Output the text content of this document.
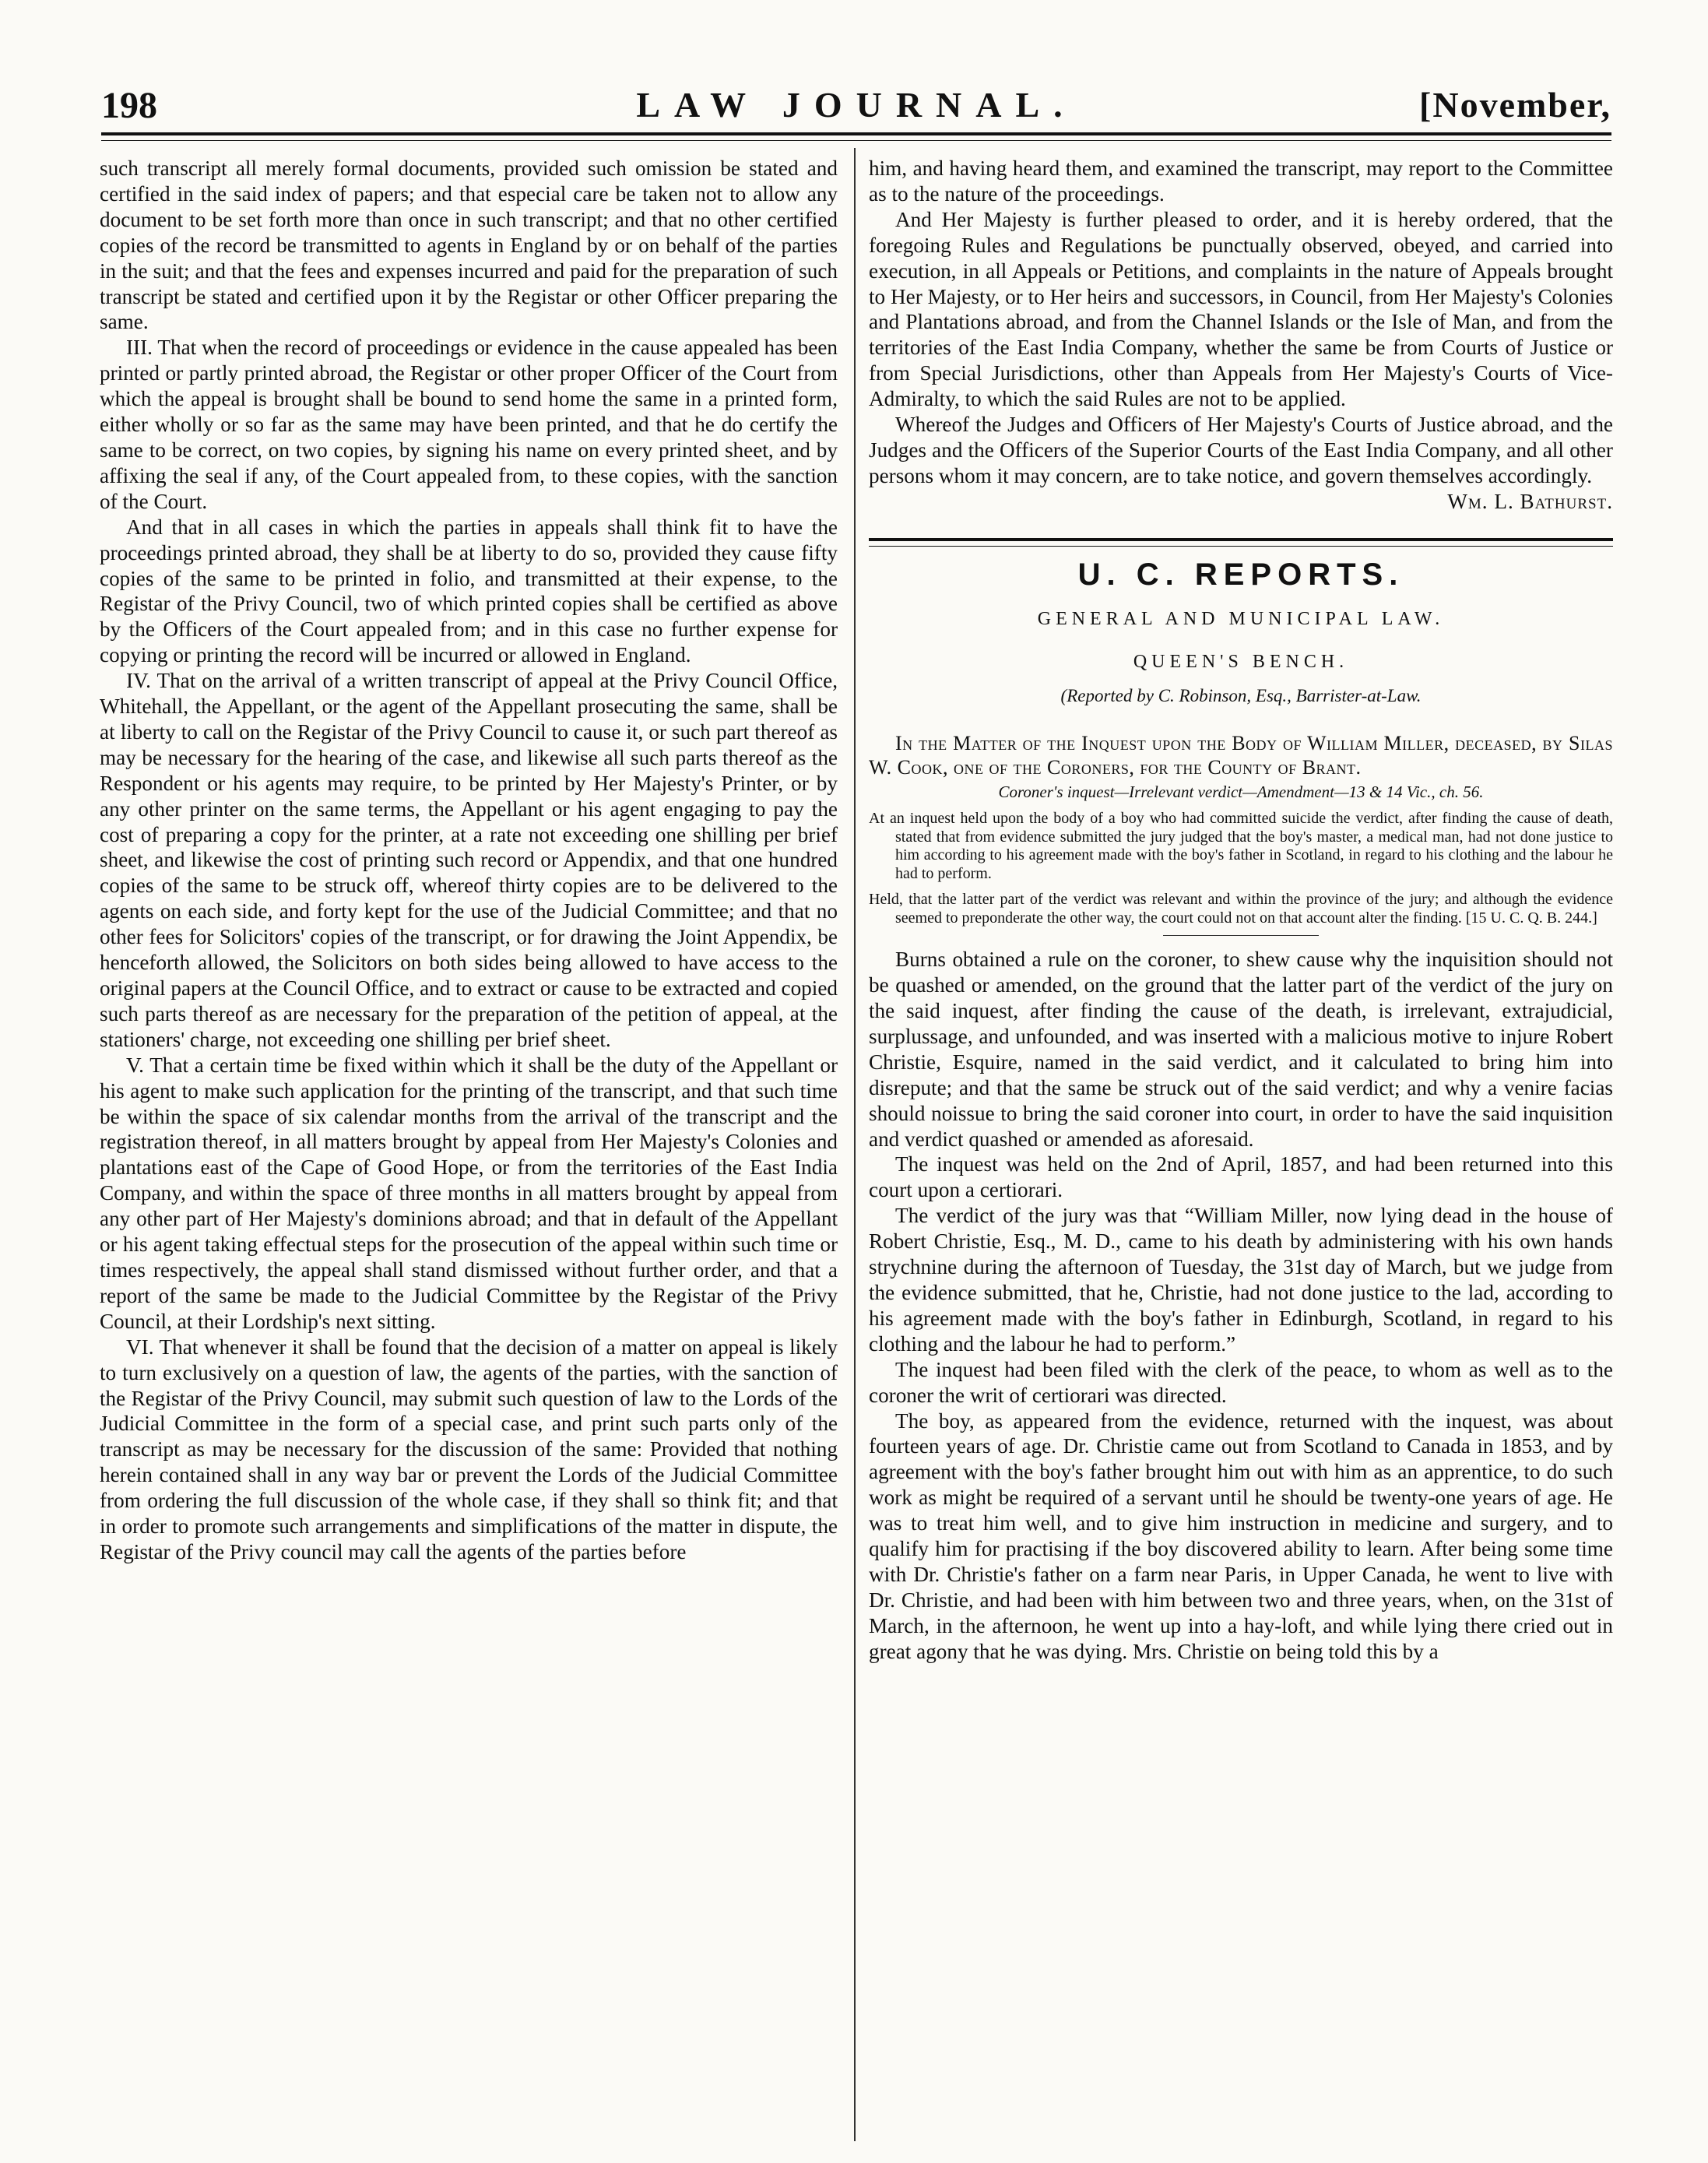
198	LAW JOURNAL.	[November,

such transcript all merely formal documents, provided such omission be stated and certified in the said index of papers; and that especial care be taken not to allow any document to be set forth more than once in such transcript; and that no other certified copies of the record be transmitted to agents in England by or on behalf of the parties in the suit; and that the fees and expenses incurred and paid for the preparation of such transcript be stated and certified upon it by the Registar or other Officer preparing the same.

III. That when the record of proceedings or evidence in the cause appealed has been printed or partly printed abroad, the Registar or other proper Officer of the Court from which the appeal is brought shall be bound to send home the same in a printed form, either wholly or so far as the same may have been printed, and that he do certify the same to be correct, on two copies, by signing his name on every printed sheet, and by affixing the seal if any, of the Court appealed from, to these copies, with the sanction of the Court.

And that in all cases in which the parties in appeals shall think fit to have the proceedings printed abroad, they shall be at liberty to do so, provided they cause fifty copies of the same to be printed in folio, and transmitted at their expense, to the Registar of the Privy Council, two of which printed copies shall be certified as above by the Officers of the Court appealed from; and in this case no further expense for copying or printing the record will be incurred or allowed in England.

IV. That on the arrival of a written transcript of appeal at the Privy Council Office, Whitehall, the Appellant, or the agent of the Appellant prosecuting the same, shall be at liberty to call on the Registar of the Privy Council to cause it, or such part thereof as may be necessary for the hearing of the case, and likewise all such parts thereof as the Respondent or his agents may require, to be printed by Her Majesty's Printer, or by any other printer on the same terms, the Appellant or his agent engaging to pay the cost of preparing a copy for the printer, at a rate not exceeding one shilling per brief sheet, and likewise the cost of printing such record or Appendix, and that one hundred copies of the same to be struck off, whereof thirty copies are to be delivered to the agents on each side, and forty kept for the use of the Judicial Committee; and that no other fees for Solicitors' copies of the transcript, or for drawing the Joint Appendix, be henceforth allowed, the Solicitors on both sides being allowed to have access to the original papers at the Council Office, and to extract or cause to be extracted and copied such parts thereof as are necessary for the preparation of the petition of appeal, at the stationers' charge, not exceeding one shilling per brief sheet.

V. That a certain time be fixed within which it shall be the duty of the Appellant or his agent to make such application for the printing of the transcript, and that such time be within the space of six calendar months from the arrival of the transcript and the registration thereof, in all matters brought by appeal from Her Majesty's Colonies and plantations east of the Cape of Good Hope, or from the territories of the East India Company, and within the space of three months in all matters brought by appeal from any other part of Her Majesty's dominions abroad; and that in default of the Appellant or his agent taking effectual steps for the prosecution of the appeal within such time or times respectively, the appeal shall stand dismissed without further order, and that a report of the same be made to the Judicial Committee by the Registar of the Privy Council, at their Lordship's next sitting.

VI. That whenever it shall be found that the decision of a matter on appeal is likely to turn exclusively on a question of law, the agents of the parties, with the sanction of the Registar of the Privy Council, may submit such question of law to the Lords of the Judicial Committee in the form of a special case, and print such parts only of the transcript as may be necessary for the discussion of the same: Provided that nothing herein contained shall in any way bar or prevent the Lords of the Judicial Committee from ordering the full discussion of the whole case, if they shall so think fit; and that in order to promote such arrangements and simplifications of the matter in dispute, the Registar of the Privy council may call the agents of the parties before

him, and having heard them, and examined the transcript, may report to the Committee as to the nature of the proceedings.

And Her Majesty is further pleased to order, and it is hereby ordered, that the foregoing Rules and Regulations be punctually observed, obeyed, and carried into execution, in all Appeals or Petitions, and complaints in the nature of Appeals brought to Her Majesty, or to Her heirs and successors, in Council, from Her Majesty's Colonies and Plantations abroad, and from the Channel Islands or the Isle of Man, and from the territories of the East India Company, whether the same be from Courts of Justice or from Special Jurisdictions, other than Appeals from Her Majesty's Courts of Vice-Admiralty, to which the said Rules are not to be applied.

Whereof the Judges and Officers of Her Majesty's Courts of Justice abroad, and the Judges and the Officers of the Superior Courts of the East India Company, and all other persons whom it may concern, are to take notice, and govern themselves accordingly.

Wm. L. Bathurst.

U. C. REPORTS.
GENERAL AND MUNICIPAL LAW.
QUEEN'S BENCH.
(Reported by C. Robinson, Esq., Barrister-at-Law.

In the Matter of the Inquest upon the Body of William Miller, deceased, by Silas W. Cook, one of the Coroners, for the County of Brant.

Coroner's inquest—Irrelevant verdict—Amendment—13 & 14 Vic., ch. 56.
At an inquest held upon the body of a boy who had committed suicide the verdict, after finding the cause of death, stated that from evidence submitted the jury judged that the boy's master, a medical man, had not done justice to him according to his agreement made with the boy's father in Scotland, in regard to his clothing and the labour he had to perform.
Held, that the latter part of the verdict was relevant and within the province of the jury; and although the evidence seemed to preponderate the other way, the court could not on that account alter the finding. [15 U. C. Q. B. 244.]

Burns obtained a rule on the coroner, to shew cause why the inquisition should not be quashed or amended, on the ground that the latter part of the verdict of the jury on the said inquest, after finding the cause of the death, is irrelevant, extrajudicial, surplussage, and unfounded, and was inserted with a malicious motive to injure Robert Christie, Esquire, named in the said verdict, and it calculated to bring him into disrepute; and that the same be struck out of the said verdict; and why a venire facias should noissue to bring the said coroner into court, in order to have the said inquisition and verdict quashed or amended as aforesaid.

The inquest was held on the 2nd of April, 1857, and had been returned into this court upon a certiorari.

The verdict of the jury was that “William Miller, now lying dead in the house of Robert Christie, Esq., M. D., came to his death by administering with his own hands strychnine during the afternoon of Tuesday, the 31st day of March, but we judge from the evidence submitted, that he, Christie, had not done justice to the lad, according to his agreement made with the boy's father in Edinburgh, Scotland, in regard to his clothing and the labour he had to perform.”

The inquest had been filed with the clerk of the peace, to whom as well as to the coroner the writ of certiorari was directed.

The boy, as appeared from the evidence, returned with the inquest, was about fourteen years of age. Dr. Christie came out from Scotland to Canada in 1853, and by agreement with the boy's father brought him out with him as an apprentice, to do such work as might be required of a servant until he should be twenty-one years of age. He was to treat him well, and to give him instruction in medicine and surgery, and to qualify him for practising if the boy discovered ability to learn. After being some time with Dr. Christie's father on a farm near Paris, in Upper Canada, he went to live with Dr. Christie, and had been with him between two and three years, when, on the 31st of March, in the afternoon, he went up into a hay-loft, and while lying there cried out in great agony that he was dying. Mrs. Christie on being told this by a
